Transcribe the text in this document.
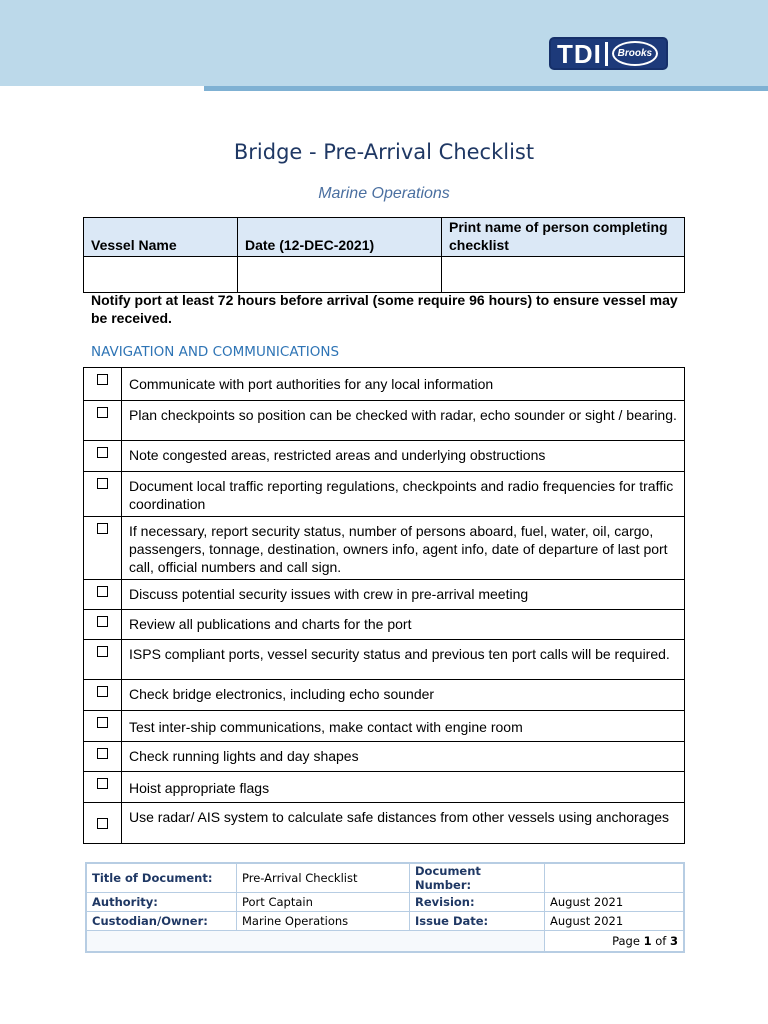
TDI Brooks
Bridge - Pre-Arrival Checklist
Marine Operations
Vessel Name	Date (12-DEC-2021)	Print name of person completing checklist

Notify port at least 72 hours before arrival (some require 96 hours) to ensure vessel may be received.
NAVIGATION AND COMMUNICATIONS
	Communicate with port authorities for any local information
	Plan checkpoints so position can be checked with radar, echo sounder or sight / bearing.
	Note congested areas, restricted areas and underlying obstructions
	Document local traffic reporting regulations, checkpoints and radio frequencies for traffic coordination
	If necessary, report security status, number of persons aboard, fuel, water, oil, cargo, passengers, tonnage, destination, owners info, agent info, date of departure of last port call, official numbers and call sign.
	Discuss potential security issues with crew in pre-arrival meeting
	Review all publications and charts for the port
	ISPS compliant ports, vessel security status and previous ten port calls will be required.
	Check bridge electronics, including echo sounder
	Test inter-ship communications, make contact with engine room
	Check running lights and day shapes
	Hoist appropriate flags
	Use radar/ AIS system to calculate safe distances from other vessels using anchorages
Title of Document:	Pre-Arrival Checklist	Document Number:	
Authority:	Port Captain	Revision:	August 2021
Custodian/Owner:	Marine Operations	Issue Date:	August 2021
			Page 1 of 3
